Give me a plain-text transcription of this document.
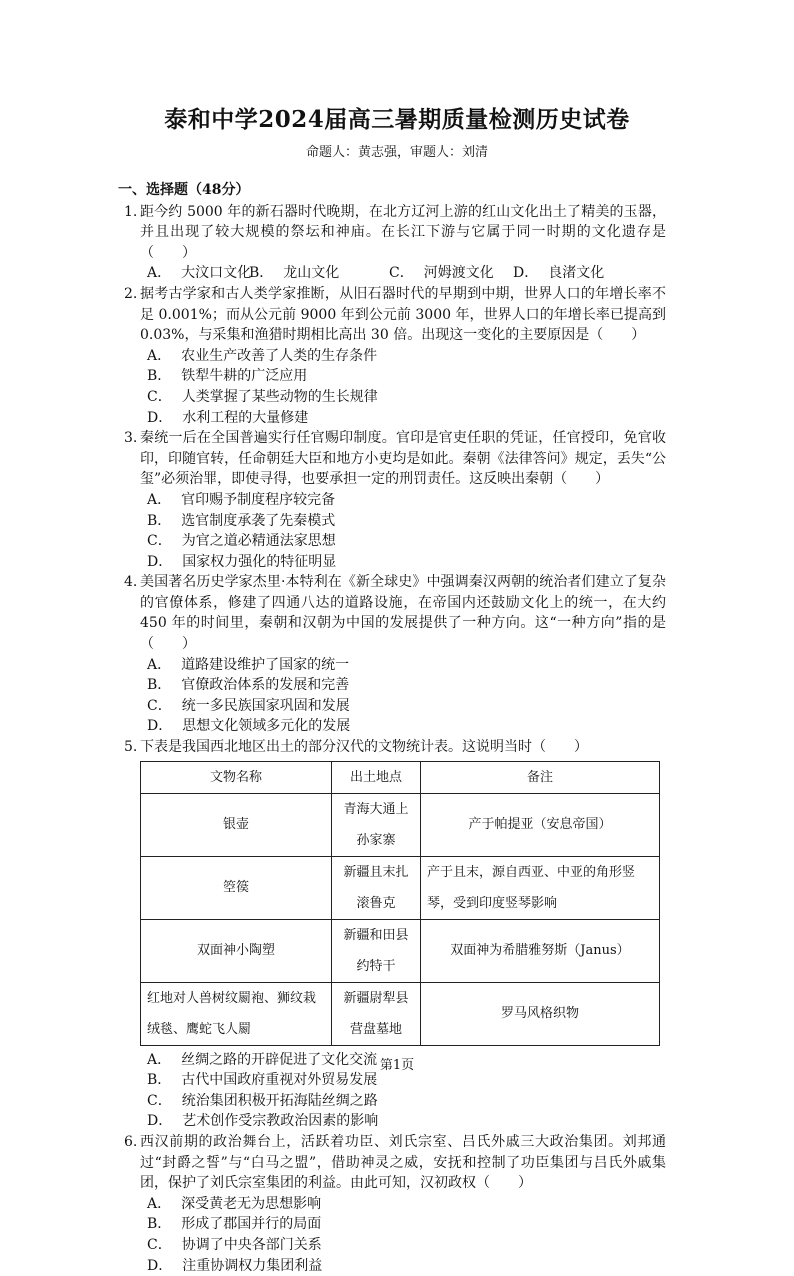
泰和中学2024届高三暑期质量检测历史试卷
命题人：黄志强，审题人：刘清
一、选择题（48分）
1. 距今约 5000 年的新石器时代晚期，在北方辽河上游的红山文化出土了精美的玉器，并且出现了较大规模的祭坛和神庙。在长江下游与它属于同一时期的文化遗存是（　　）
A． 大汶口文化
B． 龙山文化	C． 河姆渡文化	D． 良渚文化
2. 据考古学家和古人类学家推断，从旧石器时代的早期到中期，世界人口的年增长率不足 0.001%；而从公元前 9000 年到公元前 3000 年，世界人口的年增长率已提高到 0.03%，与采集和渔猎时期相比高出 30 倍。出现这一变化的主要原因是（　　）
A． 农业生产改善了人类的生存条件
B． 铁犁牛耕的广泛应用
C． 人类掌握了某些动物的生长规律
D． 水利工程的大量修建
3. 秦统一后在全国普遍实行任官赐印制度。官印是官吏任职的凭证，任官授印，免官收印，印随官转，任命朝廷大臣和地方小吏均是如此。秦朝《法律答问》规定，丢失“公玺”必须治罪，即使寻得，也要承担一定的刑罚责任。这反映出秦朝（　　）
A． 官印赐予制度程序较完备
B． 选官制度承袭了先秦模式
C． 为官之道必精通法家思想
D． 国家权力强化的特征明显
4. 美国著名历史学家杰里·本特利在《新全球史》中强调秦汉两朝的统治者们建立了复杂的官僚体系，修建了四通八达的道路设施，在帝国内还鼓励文化上的统一，在大约 450 年的时间里，秦朝和汉朝为中国的发展提供了一种方向。这“一种方向”指的是（　　）
A． 道路建设维护了国家的统一
B． 官僚政治体系的发展和完善
C． 统一多民族国家巩固和发展
D． 思想文化领域多元化的发展
5. 下表是我国西北地区出土的部分汉代的文物统计表。这说明当时（　　）
文物名称	出土地点	备注
银壶	青海大通上孙家寨	产于帕提亚（安息帝国）
箜篌	新疆且末扎滚鲁克	产于且末，源自西亚、中亚的角形竖琴，受到印度竖琴影响
双面神小陶塑	新疆和田县约特干	双面神为希腊雅努斯（Janus）
红地对人兽树纹罽袍、狮纹栽绒毯、鹰蛇飞人罽	新疆尉犁县营盘墓地	罗马风格织物
A． 丝绸之路的开辟促进了文化交流
B． 古代中国政府重视对外贸易发展
C． 统治集团积极开拓海陆丝绸之路
D． 艺术创作受宗教政治因素的影响
6. 西汉前期的政治舞台上，活跃着功臣、刘氏宗室、吕氏外戚三大政治集团。刘邦通过“封爵之誓”与“白马之盟”，借助神灵之威，安抚和控制了功臣集团与吕氏外戚集团，保护了刘氏宗室集团的利益。由此可知，汉初政权（　　）
A． 深受黄老无为思想影响
B． 形成了郡国并行的局面
C． 协调了中央各部门关系
D． 注重协调权力集团利益
第1页
